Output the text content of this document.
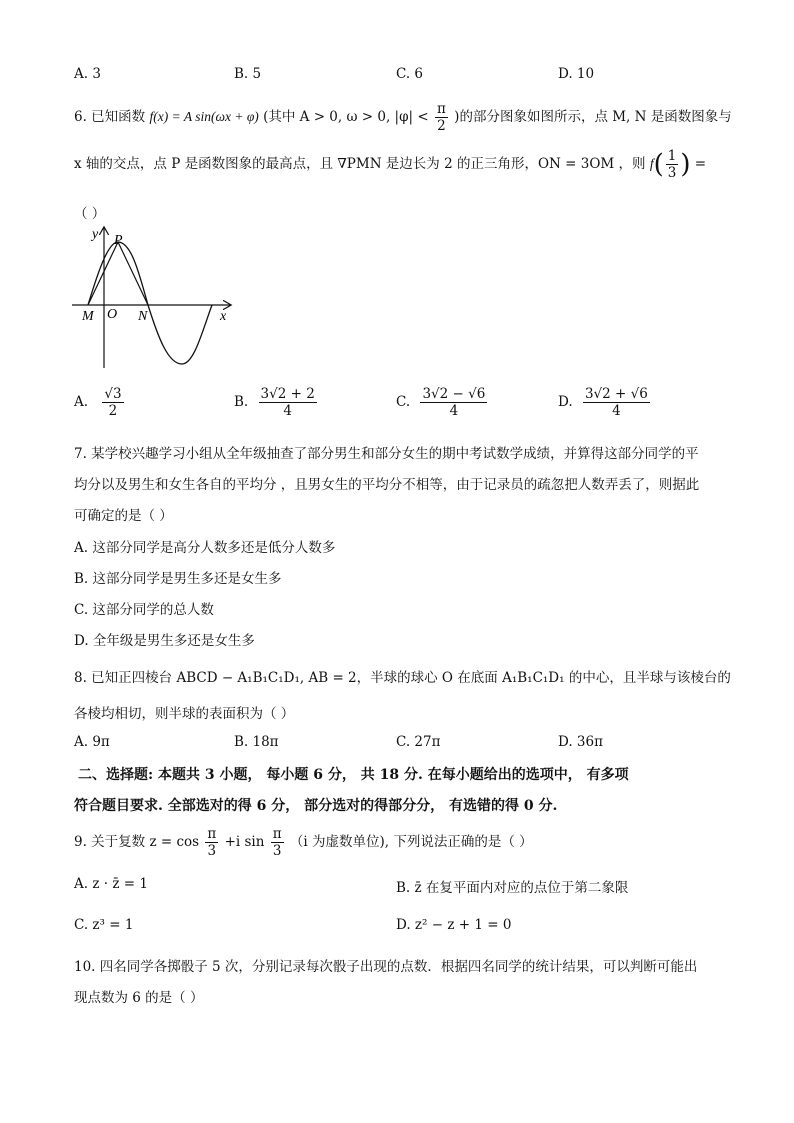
A. 3	B. 5	C. 6	D. 10
6. 已知函数 f(x) = A sin(ωx + φ) (其中 A > 0, ω > 0, $|\varphi| < \frac{\pi}{2}$ )的部分图象如图所示，点 M, N 是函数图象与
x 轴的交点，点 P 是函数图象的最高点，且 ∇PMN 是边长为 2 的正三角形，ON = 3OM ，则 $f( \frac{1}{3}$ ) =
（ ）
y P
M O N	x
A. $\frac{√3}{2}$	B. $\frac{3√2 + 2}{4}$	C. $\frac{3√2 - √6}{4}$	D. $\frac{3√2 + √6}{4}$
7. 某学校兴趣学习小组从全年级抽查了部分男生和部分女生的期中考试数学成绩，并算得这部分同学的平
均分以及男生和女生各自的平均分 ，且男女生的平均分不相等，由于记录员的疏忽把人数弄丢了，则据此
可确定的是（ ）
A. 这部分同学是高分人数多还是低分人数多
B. 这部分同学是男生多还是女生多
C. 这部分同学的总人数
D. 全年级是男生多还是女生多
8. 已知正四棱台 ABCD − A₁B₁C₁D₁, AB = 2，半球的球心 O 在底面 A₁B₁C₁D₁ 的中心，且半球与该棱台的
各棱均相切，则半球的表面积为（ ）
A. 9π	B. 18π	C. 27π	D. 36π
二、选择题: 本题共 3 小题， 每小题 6 分， 共 18 分. 在每小题给出的选项中， 有多项
符合题目要求. 全部选对的得 6 分， 部分选对的得部分分， 有选错的得 0 分.
9. 关于复数 $z = \cos \frac{\pi}{3} +i$ $\sin \frac{\pi}{3} (i$ 为虚数单位), 下列说法正确的是（ ）
A. z · z̄ = 1	B. z̄ 在复平面内对应的点位于第二象限
C. z³ = 1	D. z² − z + 1 = 0
10. 四名同学各掷骰子 5 次，分别记录每次骰子出现的点数．根据四名同学的统计结果，可以判断可能出
现点数为 6 的是（ ）
